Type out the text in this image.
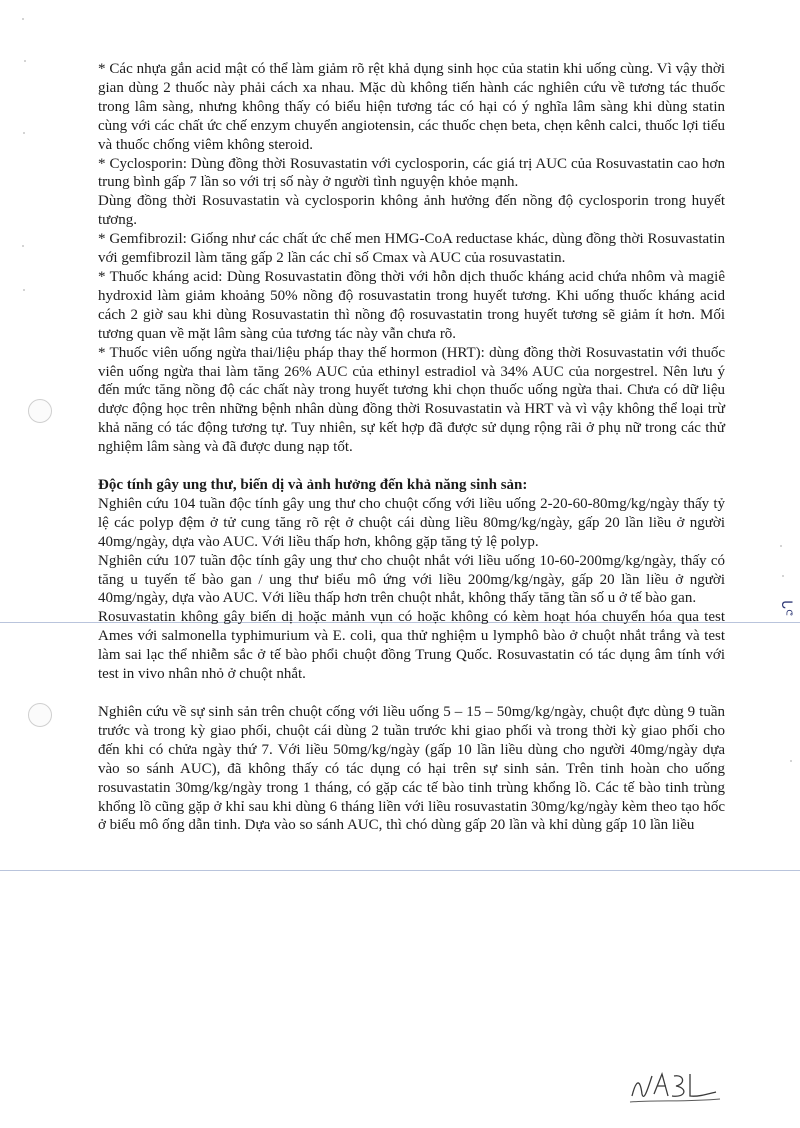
ᒐᕪ

* Các nhựa gắn acid mật có thể làm giảm rõ rệt khả dụng sinh học của statin khi uống cùng. Vì vậy thời gian dùng 2 thuốc này phải cách xa nhau. Mặc dù không tiến hành các nghiên cứu về tương tác thuốc trong lâm sàng, nhưng không thấy có biểu hiện tương tác có hại có ý nghĩa lâm sàng khi dùng statin cùng với các chất ức chế enzym chuyển angiotensin, các thuốc chẹn beta, chẹn kênh calci, thuốc lợi tiểu và thuốc chống viêm không steroid.

* Cyclosporin: Dùng đồng thời Rosuvastatin với cyclosporin, các giá trị AUC của Rosuvastatin cao hơn trung bình gấp 7 lần so với trị số này ở người tình nguyện khỏe mạnh.

Dùng đồng thời Rosuvastatin và cyclosporin không ảnh hưởng đến nồng độ cyclosporin trong huyết tương.

* Gemfibrozil: Giống như các chất ức chế men HMG-CoA reductase khác, dùng đồng thời Rosuvastatin với gemfibrozil làm tăng gấp 2 lần các chỉ số Cmax và AUC của rosuvastatin.

* Thuốc kháng acid: Dùng Rosuvastatin đồng thời với hỗn dịch thuốc kháng acid chứa nhôm và magiê hydroxid làm giảm khoảng 50% nồng độ rosuvastatin trong huyết tương. Khi uống thuốc kháng acid cách 2 giờ sau khi dùng Rosuvastatin thì nồng độ rosuvastatin trong huyết tương sẽ giảm ít hơn. Mối tương quan về mặt lâm sàng của tương tác này vẫn chưa rõ.

* Thuốc viên uống ngừa thai/liệu pháp thay thế hormon (HRT): dùng đồng thời Rosuvastatin với thuốc viên uống ngừa thai làm tăng 26% AUC của ethinyl estradiol và 34% AUC của norgestrel. Nên lưu ý đến mức tăng nồng độ các chất này trong huyết tương khi chọn thuốc uống ngừa thai. Chưa có dữ liệu dược động học trên những bệnh nhân dùng đồng thời Rosuvastatin và HRT và vì vậy không thể loại trừ khả năng có tác động tương tự. Tuy nhiên, sự kết hợp đã được sử dụng rộng rãi ở phụ nữ trong các thử nghiệm lâm sàng và đã được dung nạp tốt.

Độc tính gây ung thư, biến dị và ảnh hưởng đến khả năng sinh sản:

Nghiên cứu 104 tuần độc tính gây ung thư cho chuột cống với liều uống 2-20-60-80mg/kg/ngày thấy tỷ lệ các polyp đệm ở tử cung tăng rõ rệt ở chuột cái dùng liều 80mg/kg/ngày, gấp 20 lần liều ở người 40mg/ngày, dựa vào AUC. Với liều thấp hơn, không gặp tăng tỷ lệ polyp.

Nghiên cứu 107 tuần độc tính gây ung thư cho chuột nhắt với liều uống 10-60-200mg/kg/ngày, thấy có tăng u tuyến tế bào gan / ung thư biểu mô ứng với liều 200mg/kg/ngày, gấp 20 lần liều ở người 40mg/ngày, dựa vào AUC. Với liều thấp hơn trên chuột nhắt, không thấy tăng tần số u ở tế bào gan.

Rosuvastatin không gây biến dị hoặc mảnh vụn có hoặc không có kèm hoạt hóa chuyển hóa qua test Ames với salmonella typhimurium và E. coli, qua thử nghiệm u lymphô bào ở chuột nhắt trắng và test làm sai lạc thể nhiễm sắc ở tế bào phổi chuột đồng Trung Quốc. Rosuvastatin có tác dụng âm tính với test in vivo nhân nhỏ ở chuột nhắt.

Nghiên cứu về sự sinh sản trên chuột cống với liều uống 5 – 15 – 50mg/kg/ngày, chuột đực dùng 9 tuần trước và trong kỳ giao phối, chuột cái dùng 2 tuần trước khi giao phối và trong thời kỳ giao phối cho đến khi có chửa ngày thứ 7. Với liều 50mg/kg/ngày (gấp 10 lần liều dùng cho người 40mg/ngày dựa vào so sánh AUC), đã không thấy có tác dụng có hại trên sự sinh sản. Trên tinh hoàn cho uống rosuvastatin 30mg/kg/ngày trong 1 tháng, có gặp các tế bào tinh trùng khổng lồ. Các tế bào tinh trùng khổng lồ cũng gặp ở khỉ sau khi dùng 6 tháng liền với liều rosuvastatin 30mg/kg/ngày kèm theo tạo hốc ở biểu mô ống dẫn tinh. Dựa vào so sánh AUC, thì chó dùng gấp 20 lần và khỉ dùng gấp 10 lần liều
